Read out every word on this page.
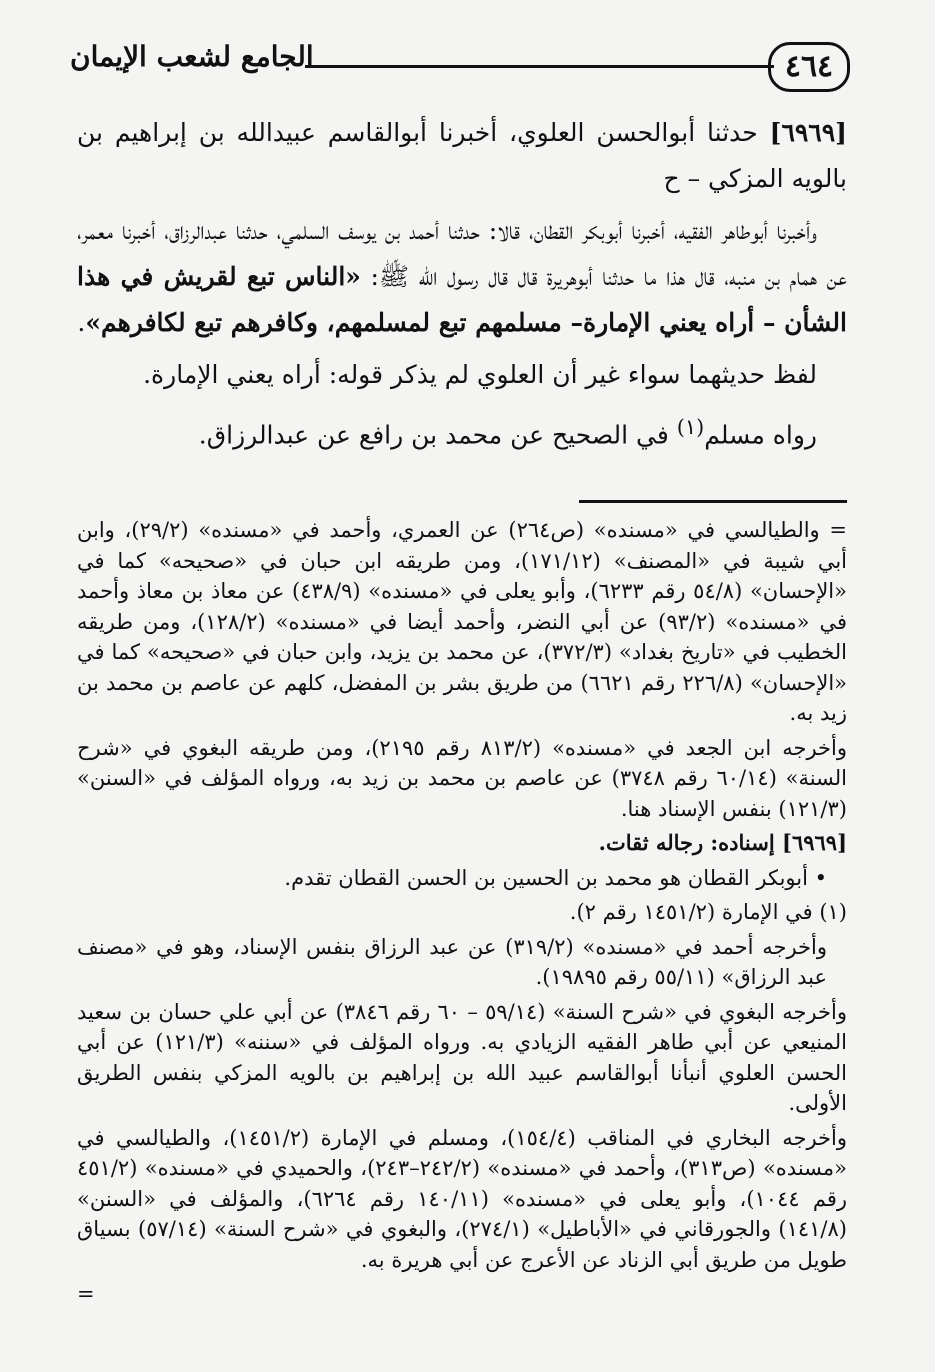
٤٦٤
الجامع لشعب الإيمان

[٦٩٦٩] حدثنا أبوالحسن العلوي، أخبرنا أبوالقاسم عبيدالله بن إبراهيم بن بالويه المزكي – ح

وأخبرنا أبوطاهر الفقيه، أخبرنا أبوبكر القطان، قالا: حدثنا أحمد بن يوسف السلمي، حدثنا عبدالرزاق، أخبرنا معمر، عن همام بن منبه، قال هذا ما حدثنا أبوهريرة قال قال رسول الله ﷺ: «الناس تبع لقريش في هذا الشأن – أراه يعني الإمارة– مسلمهم تبع لمسلمهم، وكافرهم تبع لكافرهم».

لفظ حديثهما سواء غير أن العلوي لم يذكر قوله: أراه يعني الإمارة.

رواه مسلم$^{(١)}$ في الصحيح عن محمد بن رافع عن عبدالرزاق.

= والطيالسي في «مسنده» (ص٢٦٤) عن العمري، وأحمد في «مسنده» (٢٩/٢)، وابن أبي شيبة في «المصنف» (١٧١/١٢)، ومن طريقه ابن حبان في «صحيحه» كما في «الإحسان» (٥٤/٨ رقم ٦٢٣٣)، وأبو يعلى في «مسنده» (٤٣٨/٩) عن معاذ بن معاذ وأحمد في «مسنده» (٩٣/٢) عن أبي النضر، وأحمد أيضا في «مسنده» (١٢٨/٢)، ومن طريقه الخطيب في «تاريخ بغداد» (٣٧٢/٣)، عن محمد بن يزيد، وابن حبان في «صحيحه» كما في «الإحسان» (٢٢٦/٨ رقم ٦٦٢١) من طريق بشر بن المفضل، كلهم عن عاصم بن محمد بن زيد به.

وأخرجه ابن الجعد في «مسنده» (٨١٣/٢ رقم ٢١٩٥)، ومن طريقه البغوي في «شرح السنة» (٦٠/١٤ رقم ٣٧٤٨) عن عاصم بن محمد بن زيد به، ورواه المؤلف في «السنن» (١٢١/٣) بنفس الإسناد هنا.

[٦٩٦٩] إسناده: رجاله ثقات.

• أبوبكر القطان هو محمد بن الحسين بن الحسن القطان تقدم.

(١) في الإمارة (١٤٥١/٢ رقم ٢).

وأخرجه أحمد في «مسنده» (٣١٩/٢) عن عبد الرزاق بنفس الإسناد، وهو في «مصنف عبد الرزاق» (٥٥/١١ رقم ١٩٨٩٥).

وأخرجه البغوي في «شرح السنة» (٥٩/١٤ – ٦٠ رقم ٣٨٤٦) عن أبي علي حسان بن سعيد المنيعي عن أبي طاهر الفقيه الزيادي به. ورواه المؤلف في «سننه» (١٢١/٣) عن أبي الحسن العلوي أنبأنا أبوالقاسم عبيد الله بن إبراهيم بن بالويه المزكي بنفس الطريق الأولى.

وأخرجه البخاري في المناقب (١٥٤/٤)، ومسلم في الإمارة (١٤٥١/٢)، والطيالسي في «مسنده» (ص٣١٣)، وأحمد في «مسنده» (٢٤٢/٢–٢٤٣)، والحميدي في «مسنده» (٤٥١/٢ رقم ١٠٤٤)، وأبو يعلى في «مسنده» (١٤٠/١١ رقم ٦٢٦٤)، والمؤلف في «السنن» (١٤١/٨) والجورقاني في «الأباطيل» (٢٧٤/١)، والبغوي في «شرح السنة» (٥٧/١٤) بسياق طويل من طريق أبي الزناد عن الأعرج عن أبي هريرة به.

=
